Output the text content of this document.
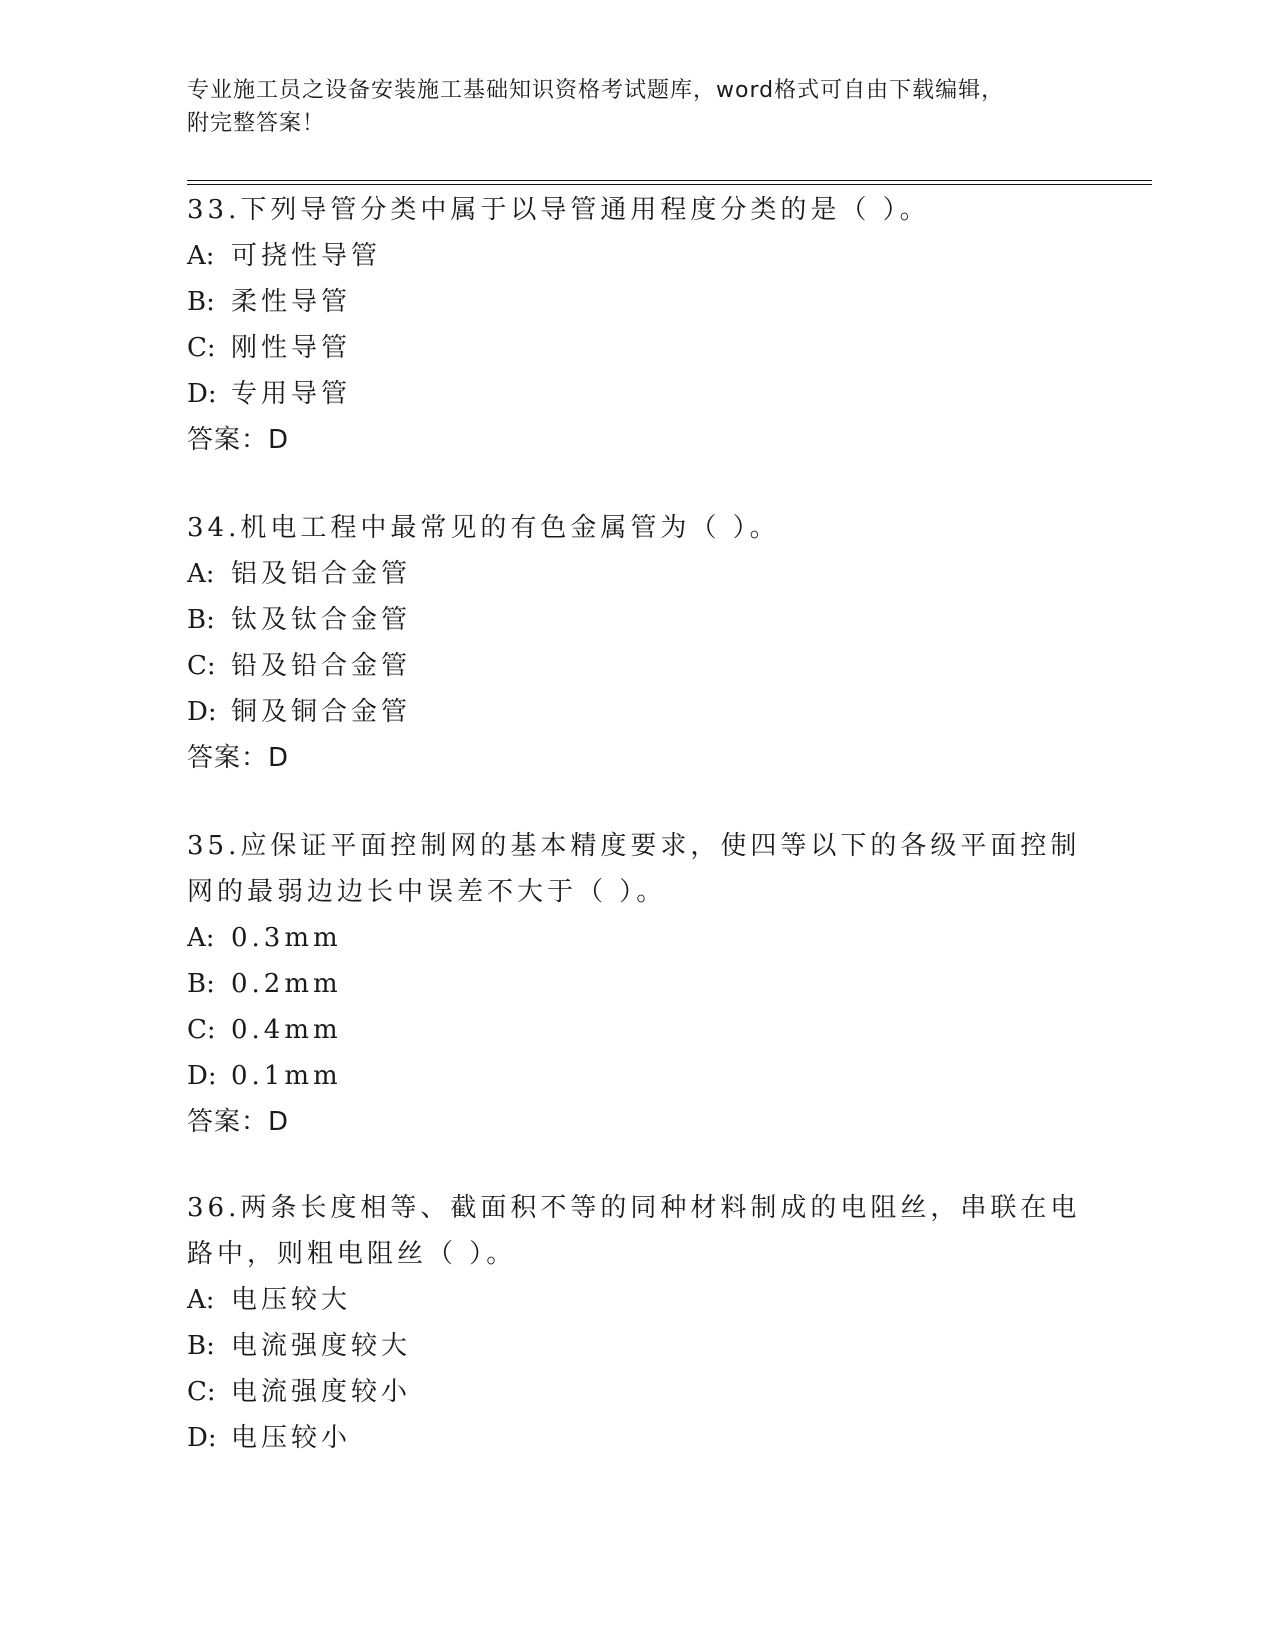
专业施工员之设备安装施工基础知识资格考试题库，word格式可自由下载编辑，
附完整答案！
33.下列导管分类中属于以导管通用程度分类的是（ ）。
A: 可挠性导管
B: 柔性导管
C: 刚性导管
D: 专用导管
答案：D
34.机电工程中最常见的有色金属管为（ ）。
A: 铝及铝合金管
B: 钛及钛合金管
C: 铅及铅合金管
D: 铜及铜合金管
答案：D
35.应保证平面控制网的基本精度要求，使四等以下的各级平面控制网的最弱边边长中误差不大于（ ）。
A: 0.3mm
B: 0.2mm
C: 0.4mm
D: 0.1mm
答案：D
36.两条长度相等、截面积不等的同种材料制成的电阻丝，串联在电路中，则粗电阻丝（ ）。
A: 电压较大
B: 电流强度较大
C: 电流强度较小
D: 电压较小
